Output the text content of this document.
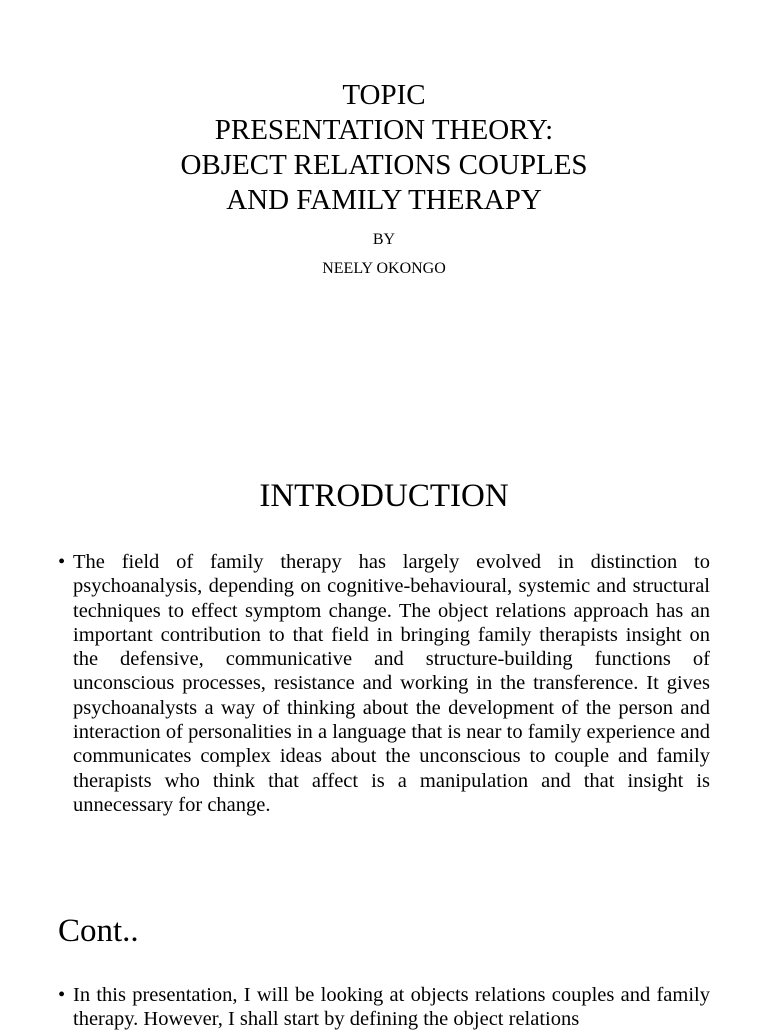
TOPIC
PRESENTATION THEORY:
OBJECT RELATIONS COUPLES
AND FAMILY THERAPY
BY
NEELY OKONGO
INTRODUCTION
• The field of family therapy has largely evolved in distinction to psychoanalysis, depending on cognitive-behavioural, systemic and structural techniques to effect symptom change. The object relations approach has an important contribution to that field in bringing family therapists insight on the defensive, communicative and structure-building functions of unconscious processes, resistance and working in the transference. It gives psychoanalysts a way of thinking about the development of the person and interaction of personalities in a language that is near to family experience and communicates complex ideas about the unconscious to couple and family therapists who think that affect is a manipulation and that insight is unnecessary for change.
Cont..
• In this presentation, I will be looking at objects relations couples and family therapy. However, I shall start by defining the object relations
